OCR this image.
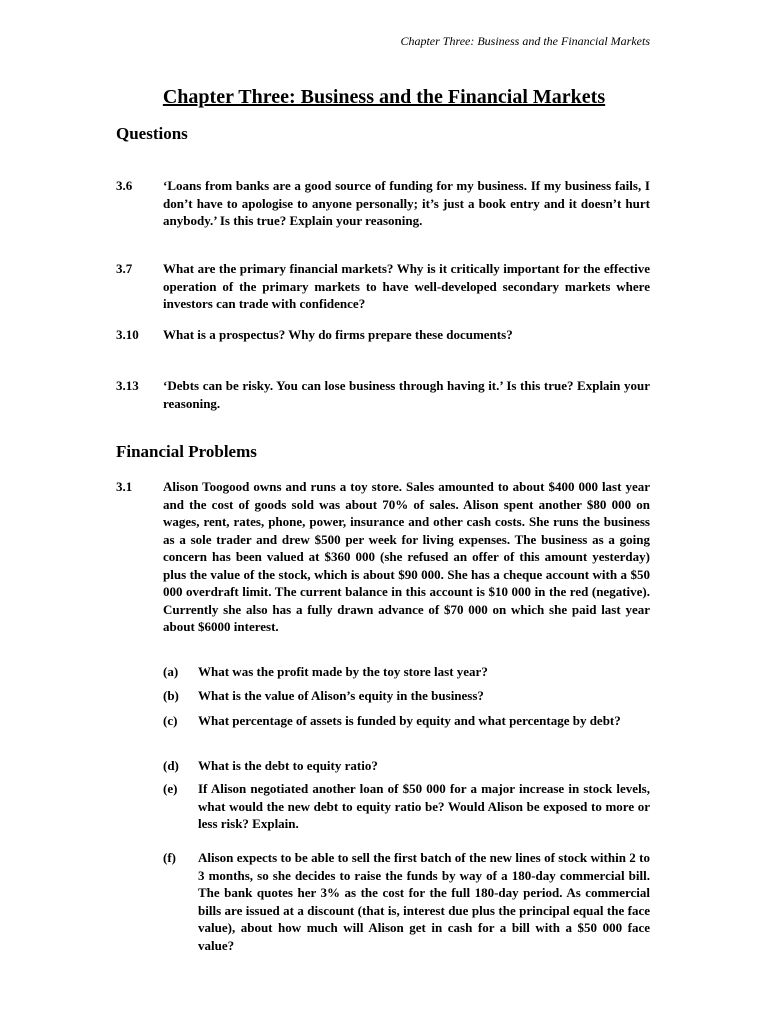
Chapter Three: Business and the Financial Markets
Chapter Three: Business and the Financial Markets
Questions
3.6 ‘Loans from banks are a good source of funding for my business. If my business fails, I don’t have to apologise to anyone personally; it’s just a book entry and it doesn’t hurt anybody.’ Is this true? Explain your reasoning.
3.7 What are the primary financial markets? Why is it critically important for the effective operation of the primary markets to have well-developed secondary markets where investors can trade with confidence?
3.10 What is a prospectus? Why do firms prepare these documents?
3.13 ‘Debts can be risky. You can lose business through having it.’ Is this true? Explain your reasoning.
Financial Problems
3.1 Alison Toogood owns and runs a toy store. Sales amounted to about $400 000 last year and the cost of goods sold was about 70% of sales. Alison spent another $80 000 on wages, rent, rates, phone, power, insurance and other cash costs. She runs the business as a sole trader and drew $500 per week for living expenses. The business as a going concern has been valued at $360 000 (she refused an offer of this amount yesterday) plus the value of the stock, which is about $90 000. She has a cheque account with a $50 000 overdraft limit. The current balance in this account is $10 000 in the red (negative). Currently she also has a fully drawn advance of $70 000 on which she paid last year about $6000 interest.
(a) What was the profit made by the toy store last year?
(b) What is the value of Alison’s equity in the business?
(c) What percentage of assets is funded by equity and what percentage by debt?
(d) What is the debt to equity ratio?
(e) If Alison negotiated another loan of $50 000 for a major increase in stock levels, what would the new debt to equity ratio be? Would Alison be exposed to more or less risk? Explain.
(f) Alison expects to be able to sell the first batch of the new lines of stock within 2 to 3 months, so she decides to raise the funds by way of a 180-day commercial bill. The bank quotes her 3% as the cost for the full 180-day period. As commercial bills are issued at a discount (that is, interest due plus the principal equal the face value), about how much will Alison get in cash for a bill with a $50 000 face value?
